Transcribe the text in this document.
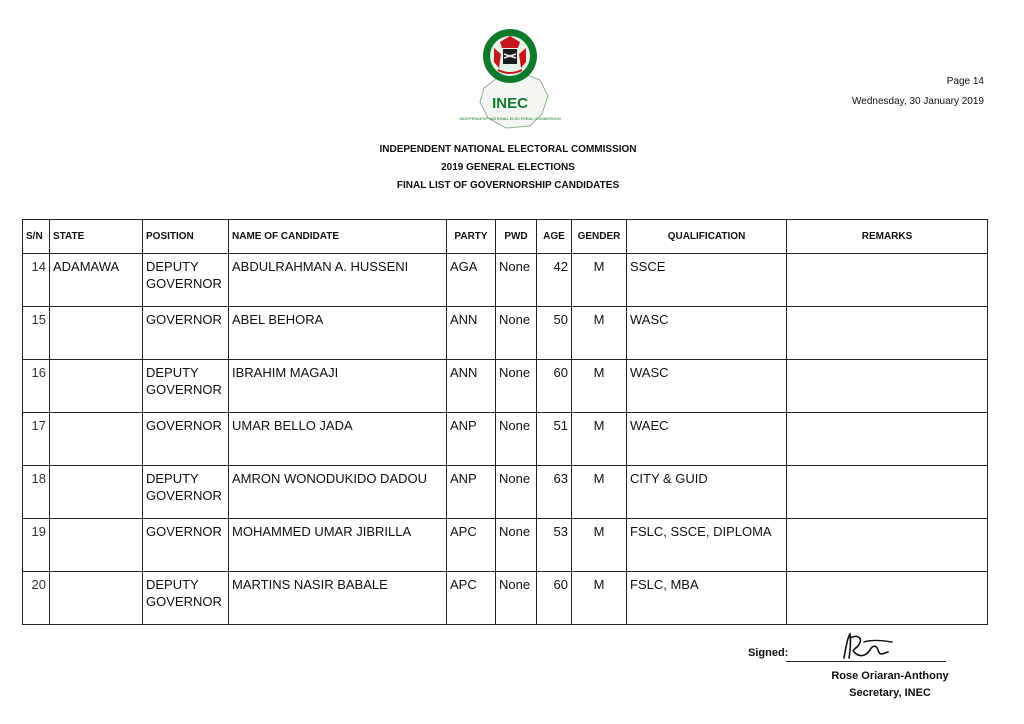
INEC
INDEPENDENT NATIONAL ELECTORAL COMMISSION
Page 14
Wednesday, 30 January 2019
INDEPENDENT NATIONAL ELECTORAL COMMISSION
2019 GENERAL ELECTIONS
FINAL LIST OF GOVERNORSHIP CANDIDATES
S/N	STATE	POSITION	NAME OF CANDIDATE	PARTY	PWD	AGE	GENDER	QUALIFICATION	REMARKS
14	ADAMAWA	DEPUTY GOVERNOR	ABDULRAHMAN A. HUSSENI	AGA	None	42	M	SSCE	
15		GOVERNOR	ABEL BEHORA	ANN	None	50	M	WASC	
16		DEPUTY GOVERNOR	IBRAHIM MAGAJI	ANN	None	60	M	WASC	
17		GOVERNOR	UMAR BELLO JADA	ANP	None	51	M	WAEC	
18		DEPUTY GOVERNOR	AMRON WONODUKIDO DADOU	ANP	None	63	M	CITY & GUID	
19		GOVERNOR	MOHAMMED UMAR JIBRILLA	APC	None	53	M	FSLC, SSCE, DIPLOMA	
20		DEPUTY GOVERNOR	MARTINS NASIR BABALE	APC	None	60	M	FSLC, MBA	
Signed:
Rose Oriaran-Anthony
Secretary, INEC
